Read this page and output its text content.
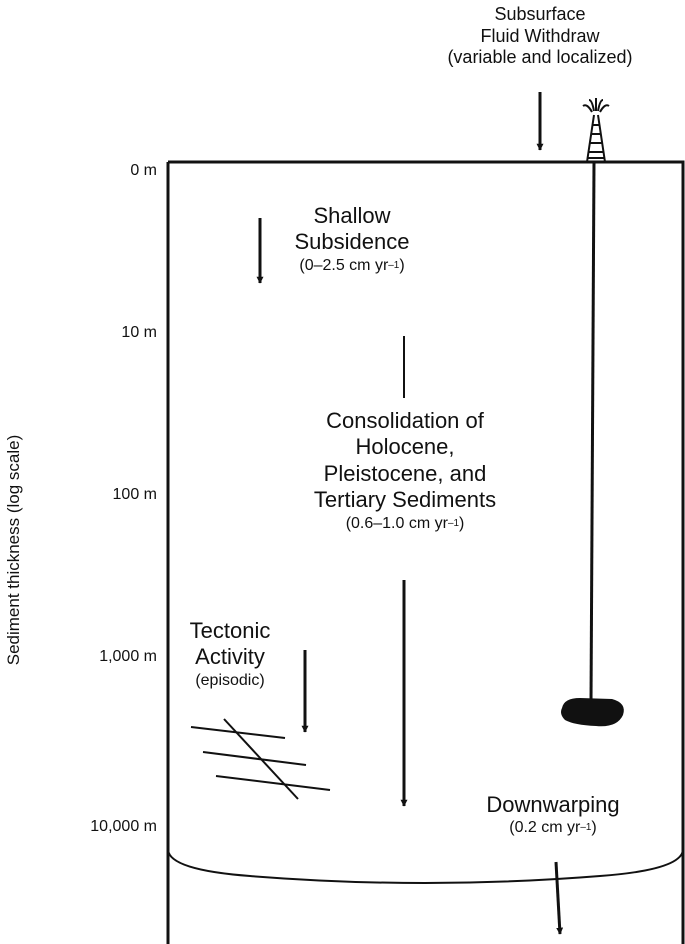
Sediment thickness (log scale)
0 m
10 m
100 m
1,000 m
10,000 m
Subsurface
Fluid Withdraw
(variable and localized)
Shallow
Subsidence
(0–2.5 cm $yr^{-1}$)
Consolidation of
Holocene,
Pleistocene, and
Tertiary Sediments
(0.6–1.0 cm $yr^{-1}$)
Tectonic
Activity
(episodic)
Downwarping
(0.2 cm $yr^{-1}$)
